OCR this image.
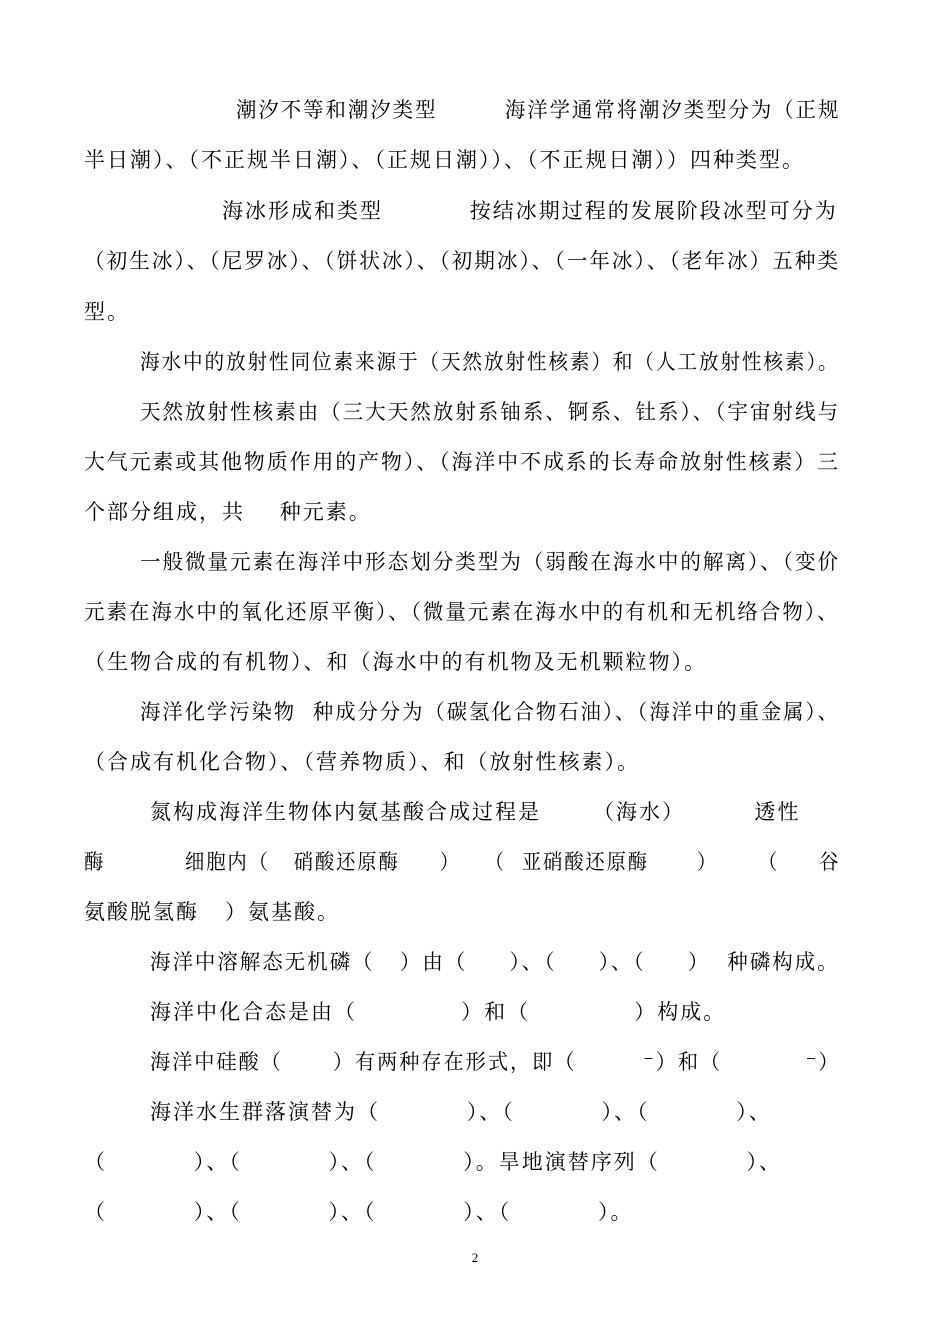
潮汐不等和潮汐类型        海洋学通常将潮汐类型分为（正规
半日潮）、（不正规半日潮）、（正规日潮））、（不正规日潮））四种类型。
海冰形成和类型          按结冰期过程的发展阶段冰型可分为
（初生冰）、（尼罗冰）、（饼状冰）、（初期冰）、（一年冰）、（老年冰）五种类
型。
海水中的放射性同位素来源于（天然放射性核素）和（人工放射性核素）。
天然放射性核素由（三大天然放射系铀系、锕系、钍系）、（宇宙射线与
大气元素或其他物质作用的产物）、（海洋中不成系的长寿命放射性核素）三
个部分组成，共    种元素。
一般微量元素在海洋中形态划分类型为（弱酸在海水中的解离）、（变价
元素在海水中的氧化还原平衡）、（微量元素在海水中的有机和无机络合物）、
（生物合成的有机物）、和（海水中的有机物及无机颗粒物）。
海洋化学污染物  种成分分为（碳氢化合物石油）、（海洋中的重金属）、
（合成有机化合物）、（营养物质）、和（放射性核素）。
氮构成海洋生物体内氨基酸合成过程是      （海水）        透性
酶          细胞内（   硝酸还原酶     ）   （  亚硝酸还原酶      ）     （     谷
氨酸脱氢酶   ）氨基酸。
海洋中溶解态无机磷（   ）由（     ）、（     ）、（     ）  种磷构成。
海洋中化合态是由（            ）和（            ）构成。
海洋中硅酸（      ）有两种存在形式，即（        ⁻）和（          ⁻）
海洋水生群落演替为（          ）、（          ）、（          ）、
（          ）、（          ）、（          ）。旱地演替序列（          ）、
（          ）、（          ）、（          ）、（          ）。
2
